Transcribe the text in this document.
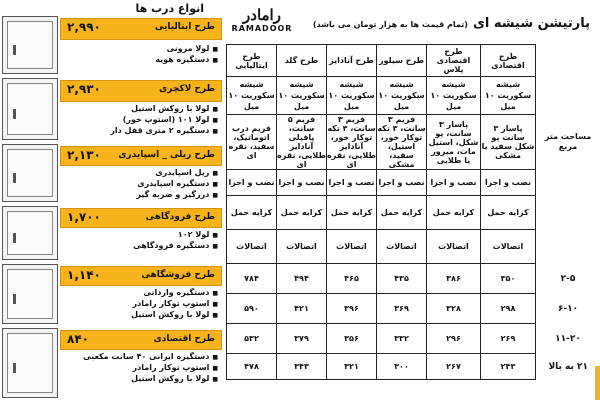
انواع درب ها
۲,۹۹۰	طرح ایتالیایی
■ لولا مرونی
■ دستگیره هویه
۲,۹۳۰	طرح لاکچری
■ لولا با روکش استیل
■ لولا ۱۰۱ (استوپ خور)
■ دستگیره ۲ متری قفل دار
۲,۱۳۰ طرح ریلی _ اسپایدری
■ ریل اسپایدری
■ دستگیره اسپایدری
■ درزگیر و ضربه گیر
۱,۷۰۰	طرح فرودگاهی
■ لولا ۱۰۲
■ دستگیره فرودگاهی
۱,۱۴۰	طرح فروشگاهی
■ دستگیره وارداتی
■ استوپ توکار رامادر
■ لولا با روکش استیل
۸۴۰	طرح اقتصادی
■ دستگیره ایرانی ۴۰ سانت مکعبی
■ استوپ توکار رامادر
■ لولا با روکش استیل
رامادر
RAMADOOR	پارتیشن شیشه ای (تمام قیمت ها به هزار تومان می باشد)
طرح ایتالیایی	طرح گلد	طرح آنادایز	طرح سیلور	طرح اقتصادی پلاس	طرح اقتصادی	
شیشه سکوریت ۱۰ میل	شیشه سکوریت ۱۰ میل	شیشه سکوریت ۱۰ میل	شیشه سکوریت ۱۰ میل	شیشه سکوریت ۱۰ میل	شیشه سکوریت ۱۰ میل	
فریم درب اتوماتیک، سفید، نقره ای	فریم ۵ سانت، پافیلی آنادایز طلایی، نقره ای	فریم ۳ سانت، ۳ تکه توکار خور، آنادایز طلایی، نقره ای	فریم ۳ سانت، ۳ تکه توکار خور، استیل، سفید، مشکی	پاسار ۳ سانت، پو شکل، استیل مات، میرور یا طلایی	پاسار ۳ سانت پو شکل سفید یا مشکی	مساحت متر مربع
نصب و اجرا	نصب و اجرا	نصب و اجرا	نصب و اجرا	نصب و اجرا	نصب و اجرا	
کرایه حمل	کرایه حمل	کرایه حمل	کرایه حمل	کرایه حمل	کرایه حمل	
اتصالات	اتصالات	اتصالات	اتصالات	اتصالات	اتصالات	
۷۸۴	۴۹۴	۴۶۵	۴۳۵	۳۸۶	۳۵۰	۲-۵
۵۹۰	۴۲۱	۳۹۶	۳۶۹	۳۲۸	۲۹۸	۶-۱۰
۵۳۲	۳۷۹	۳۵۶	۳۳۲	۲۹۶	۲۶۹	۱۱-۲۰
۴۷۸	۳۴۳	۳۲۱	۳۰۰	۲۶۷	۲۴۳	۲۱ به بالا
